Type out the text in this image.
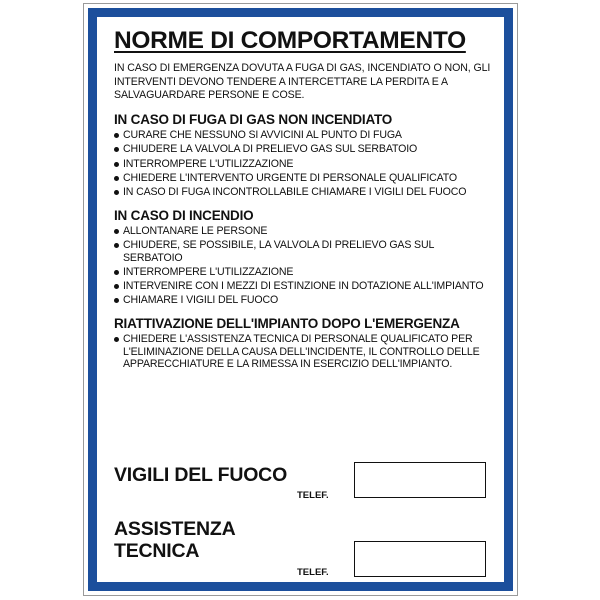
NORME DI COMPORTAMENTO
IN CASO DI EMERGENZA DOVUTA A FUGA DI GAS, INCENDIATO O NON, GLI INTERVENTI DEVONO TENDERE A INTERCETTARE LA PERDITA E A SALVAGUARDARE PERSONE E COSE.
IN CASO DI FUGA DI GAS NON INCENDIATO
CURARE CHE NESSUNO SI AVVICINI AL PUNTO DI FUGA
CHIUDERE LA VALVOLA DI PRELIEVO GAS SUL SERBATOIO
INTERROMPERE L'UTILIZZAZIONE
CHIEDERE L'INTERVENTO URGENTE DI PERSONALE QUALIFICATO
IN CASO DI FUGA INCONTROLLABILE CHIAMARE I VIGILI DEL FUOCO
IN CASO DI INCENDIO
ALLONTANARE LE PERSONE
CHIUDERE, SE POSSIBILE, LA VALVOLA DI PRELIEVO GAS SUL SERBATOIO
INTERROMPERE L'UTILIZZAZIONE
INTERVENIRE CON I MEZZI DI ESTINZIONE IN DOTAZIONE ALL'IMPIANTO
CHIAMARE I VIGILI DEL FUOCO
RIATTIVAZIONE DELL'IMPIANTO DOPO L'EMERGENZA
CHIEDERE L'ASSISTENZA TECNICA DI PERSONALE QUALIFICATO PER L'ELIMINAZIONE DELLA CAUSA DELL'INCIDENTE, IL CONTROLLO DELLE APPARECCHIATURE E LA RIMESSA IN ESERCIZIO DELL'IMPIANTO.
VIGILI DEL FUOCO
TELEF.
ASSISTENZA
TECNICA
TELEF.
